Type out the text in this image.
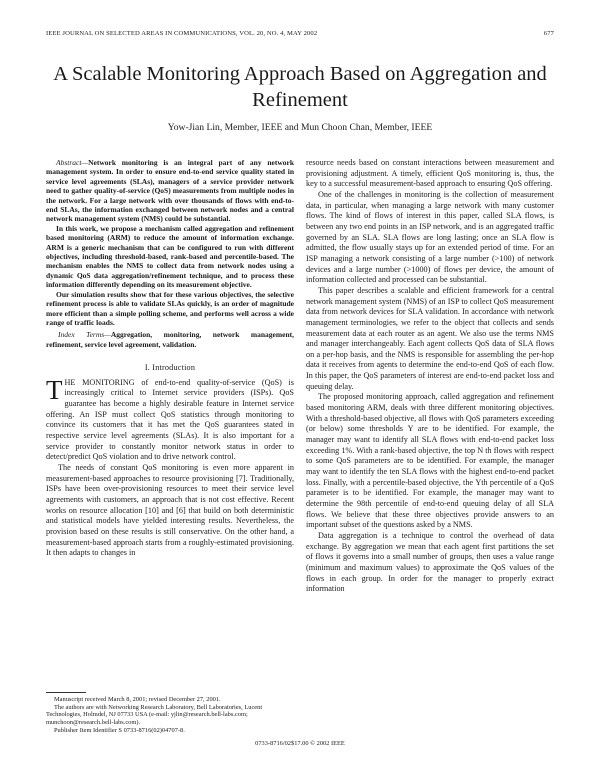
IEEE JOURNAL ON SELECTED AREAS IN COMMUNICATIONS, VOL. 20, NO. 4, MAY 2002	677
A Scalable Monitoring Approach Based on Aggregation and Refinement
Yow-Jian Lin, Member, IEEE and Mun Choon Chan, Member, IEEE

Abstract—Network monitoring is an integral part of any network management system. In order to ensure end-to-end service quality stated in service level agreements (SLAs), managers of a service provider network need to gather quality-of-service (QoS) measurements from multiple nodes in the network. For a large network with over thousands of flows with end-to-end SLAs, the information exchanged between network nodes and a central network management system (NMS) could be substantial.

In this work, we propose a mechanism called aggregation and refinement based monitoring (ARM) to reduce the amount of information exchange. ARM is a generic mechanism that can be configured to run with different objectives, including threshold-based, rank-based and percentile-based. The mechanism enables the NMS to collect data from network nodes using a dynamic QoS data aggregation/refinement technique, and to process these information differently depending on its measurement objective.

Our simulation results show that for these various objectives, the selective refinement process is able to validate SLAs quickly, is an order of magnitude more efficient than a simple polling scheme, and performs well across a wide range of traffic loads.

Index Terms—Aggregation, monitoring, network management, refinement, service level agreement, validation.

I. Introduction

THE MONITORING of end-to-end quality-of-service (QoS) is increasingly critical to Internet service providers (ISPs). QoS guarantee has become a highly desirable feature in Internet service offering. An ISP must collect QoS statistics through monitoring to convince its customers that it has met the QoS guarantees stated in respective service level agreements (SLAs). It is also important for a service provider to constantly monitor network status in order to detect/predict QoS violation and to drive network control.

The needs of constant QoS monitoring is even more apparent in measurement-based approaches to resource provisioning [7]. Traditionally, ISPs have been over-provisioning resources to meet their service level agreements with customers, an approach that is not cost effective. Recent works on resource allocation [10] and [6] that build on both deterministic and statistical models have yielded interesting results. Nevertheless, the provision based on these results is still conservative. On the other hand, a measurement-based approach starts from a roughly-estimated provisioning. It then adapts to changes in

resource needs based on constant interactions between measurement and provisioning adjustment. A timely, efficient QoS monitoring is, thus, the key to a successful measurement-based approach to ensuring QoS offering.

One of the challenges in monitoring is the collection of measurement data, in particular, when managing a large network with many customer flows. The kind of flows of interest in this paper, called SLA flows, is between any two end points in an ISP network, and is an aggregated traffic governed by an SLA. SLA flows are long lasting; once an SLA flow is admitted, the flow usually stays up for an extended period of time. For an ISP managing a network consisting of a large number (>100) of network devices and a large number (>1000) of flows per device, the amount of information collected and processed can be substantial.

This paper describes a scalable and efficient framework for a central network management system (NMS) of an ISP to collect QoS measurement data from network devices for SLA validation. In accordance with network management terminologies, we refer to the object that collects and sends measurement data at each router as an agent. We also use the terms NMS and manager interchangeably. Each agent collects QoS data of SLA flows on a per-hop basis, and the NMS is responsible for assembling the per-hop data it receives from agents to determine the end-to-end QoS of each flow. In this paper, the QoS parameters of interest are end-to-end packet loss and queuing delay.

The proposed monitoring approach, called aggregation and refinement based monitoring ARM, deals with three different monitoring objectives. With a threshold-based objective, all flows with QoS parameters exceeding (or below) some thresholds Υ are to be identified. For example, the manager may want to identify all SLA flows with end-to-end packet loss exceeding 1%. With a rank-based objective, the top N th flows with respect to some QoS parameters are to be identified. For example, the manager may want to identify the ten SLA flows with the highest end-to-end packet loss. Finally, with a percentile-based objective, the Υth percentile of a QoS parameter is to be identified. For example, the manager may want to determine the 98th percentile of end-to-end queuing delay of all SLA flows. We believe that these three objectives provide answers to an important subset of the questions asked by a NMS.

Data aggregation is a technique to control the overhead of data exchange. By aggregation we mean that each agent first partitions the set of flows it governs into a small number of groups, then uses a value range (minimum and maximum values) to approximate the QoS values of the flows in each group. In order for the manager to properly extract information

Manuscript received March 8, 2001; revised December 27, 2001.

The authors are with Networking Research Laboratory, Bell Laboratories, Lucent Technologies, Holmdel, NJ 07733 USA (e-mail: yjlin@research.bell-labs.com; munchoon@research.bell-labs.com).

Publisher Item Identifier S 0733-8716(02)04707-8.

0733-8716/02$17.00 © 2002 IEEE
